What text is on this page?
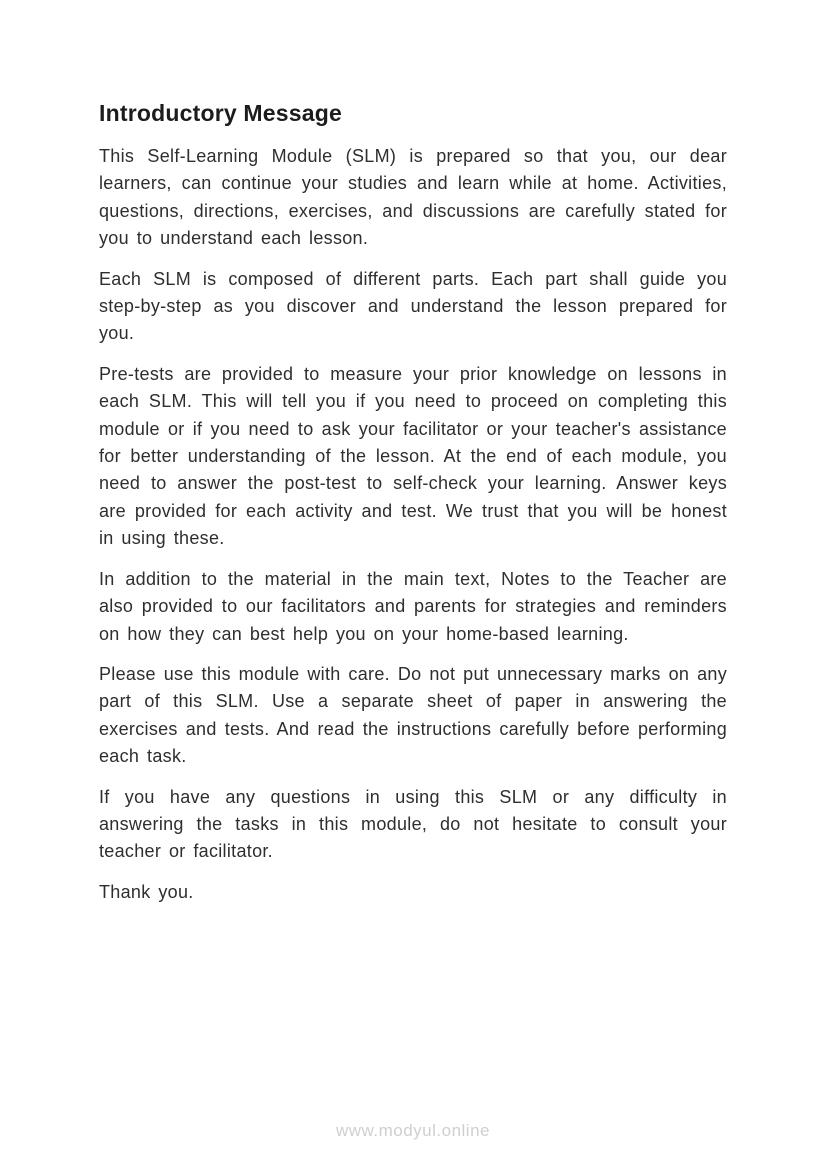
Introductory Message

This Self-Learning Module (SLM) is prepared so that you, our dear learners, can continue your studies and learn while at home. Activities, questions, directions, exercises, and discussions are carefully stated for you to understand each lesson.

Each SLM is composed of different parts. Each part shall guide you step-by-step as you discover and understand the lesson prepared for you.

Pre-tests are provided to measure your prior knowledge on lessons in each SLM. This will tell you if you need to proceed on completing this module or if you need to ask your facilitator or your teacher's assistance for better understanding of the lesson. At the end of each module, you need to answer the post-test to self-check your learning. Answer keys are provided for each activity and test. We trust that you will be honest in using these.

In addition to the material in the main text, Notes to the Teacher are also provided to our facilitators and parents for strategies and reminders on how they can best help you on your home-based learning.

Please use this module with care. Do not put unnecessary marks on any part of this SLM. Use a separate sheet of paper in answering the exercises and tests. And read the instructions carefully before performing each task.

If you have any questions in using this SLM or any difficulty in answering the tasks in this module, do not hesitate to consult your teacher or facilitator.

Thank you.

www.modyul.online
